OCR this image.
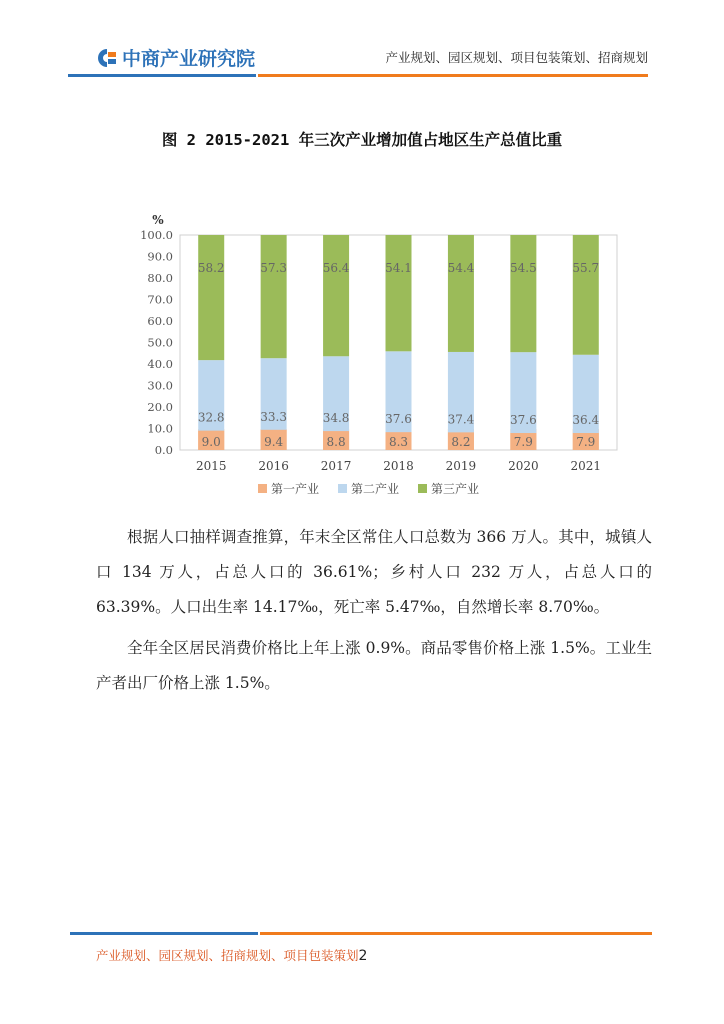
中商产业研究院	产业规划、园区规划、项目包装策划、招商规划
图 2 2015-2021 年三次产业增加值占地区生产总值比重
%
100.0
90.0
80.0
70.0
60.0
50.0
40.0
30.0
20.0
10.0
0.0
9.0
32.8
58.2
2015
9.4
33.3
57.3
2016
8.8
34.8
56.4
2017
8.3
37.6
54.1
2018
8.2
37.4
54.4
2019
7.9
37.6
54.5
2020
7.9
36.4
55.7
2021
第一产业	第二产业	第三产业

根据人口抽样调查推算，年末全区常住人口总数为 366 万人。其中，城镇人口 134 万人，占总人口的 36.61%；乡村人口 232 万人，占总人口的 63.39%。人口出生率 14.17‰，死亡率 5.47‰，自然增长率 8.70‰。

全年全区居民消费价格比上年上涨 0.9%。商品零售价格上涨 1.5%。工业生产者出厂价格上涨 1.5%。

产业规划、园区规划、招商规划、项目包装策划2
